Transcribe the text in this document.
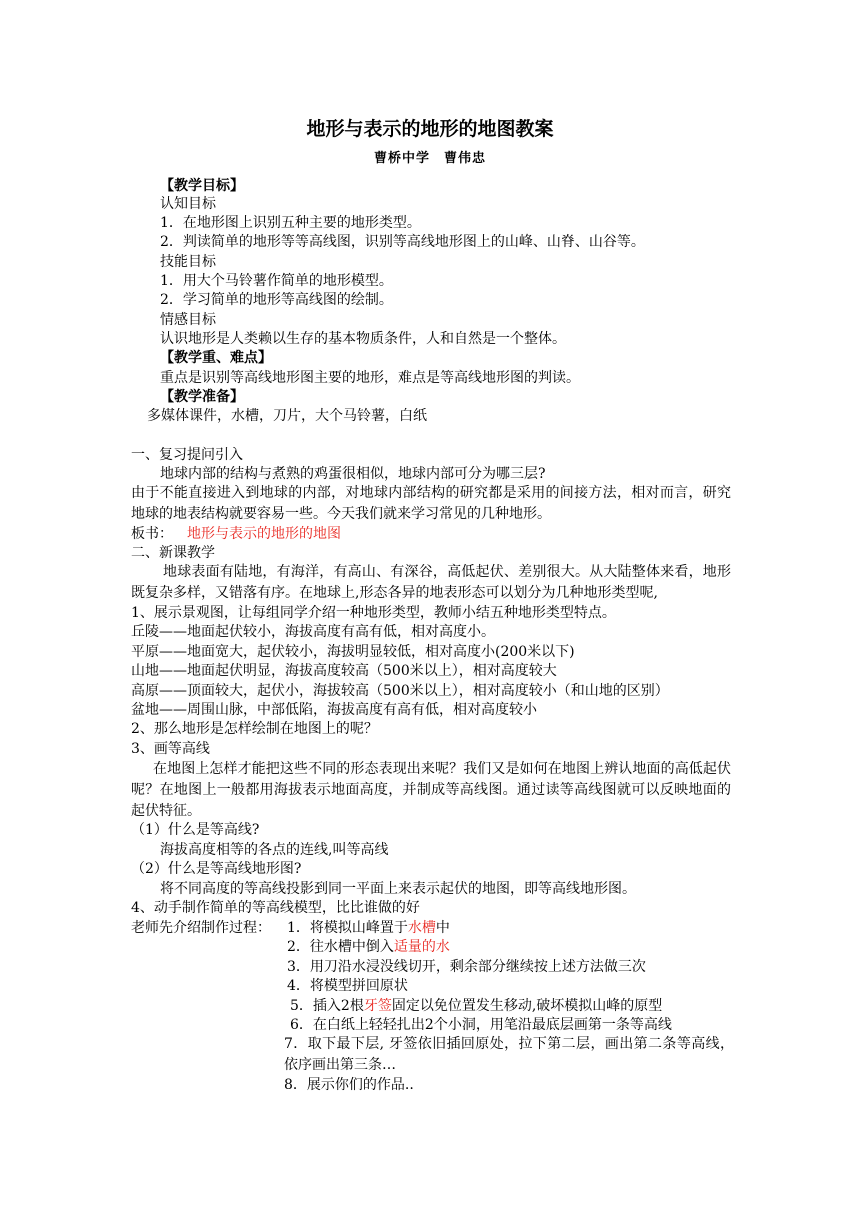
地形与表示的地形的地图教案
曹桥中学　曹伟忠
【教学目标】
认知目标
1．在地形图上识别五种主要的地形类型。
2．判读简单的地形等等高线图，识别等高线地形图上的山峰、山脊、山谷等。
技能目标
1．用大个马铃薯作简单的地形模型。
2．学习简单的地形等高线图的绘制。
情感目标
认识地形是人类赖以生存的基本物质条件，人和自然是一个整体。
【教学重、难点】
重点是识别等高线地形图主要的地形，难点是等高线地形图的判读。
【教学准备】
多媒体课件，水槽，刀片，大个马铃薯，白纸
一、复习提问引入
地球内部的结构与煮熟的鸡蛋很相似，地球内部可分为哪三层?
由于不能直接进入到地球的内部，对地球内部结构的研究都是采用的间接方法，相对而言，研究地球的地表结构就要容易一些。今天我们就来学习常见的几种地形。
板书： 地形与表示的地形的地图
二、新课教学
地球表面有陆地，有海洋，有高山、有深谷，高低起伏、差别很大。从大陆整体来看，地形既复杂多样，又错落有序。在地球上,形态各异的地表形态可以划分为几种地形类型呢,
1、展示景观图，让每组同学介绍一种地形类型，教师小结五种地形类型特点。
丘陵——地面起伏较小，海拔高度有高有低，相对高度小。
平原——地面宽大，起伏较小，海拔明显较低，相对高度小(200米以下)
山地——地面起伏明显，海拔高度较高（500米以上），相对高度较大
高原——顶面较大，起伏小，海拔较高（500米以上），相对高度较小（和山地的区别）
盆地——周围山脉，中部低陷，海拔高度有高有低，相对高度较小
2、那么地形是怎样绘制在地图上的呢？
3、画等高线
在地图上怎样才能把这些不同的形态表现出来呢？我们又是如何在地图上辨认地面的高低起伏呢？在地图上一般都用海拔表示地面高度，并制成等高线图。通过读等高线图就可以反映地面的起伏特征。
（1）什么是等高线?
海拔高度相等的各点的连线,叫等高线
（2）什么是等高线地形图?
将不同高度的等高线投影到同一平面上来表示起伏的地图，即等高线地形图。
4、动手制作简单的等高线模型，比比谁做的好
老师先介绍制作过程： 1．将模拟山峰置于水槽中
2．往水槽中倒入适量的水
3．用刀沿水浸没线切开，剩余部分继续按上述方法做三次
4．将模型拼回原状
5．插入2根牙签固定以免位置发生移动,破坏模拟山峰的原型
6．在白纸上轻轻扎出2个小洞，用笔沿最底层画第一条等高线
7．取下最下层, 牙签依旧插回原处，拉下第二层，画出第二条等高线，依序画出第三条…
8．展示你们的作品..
